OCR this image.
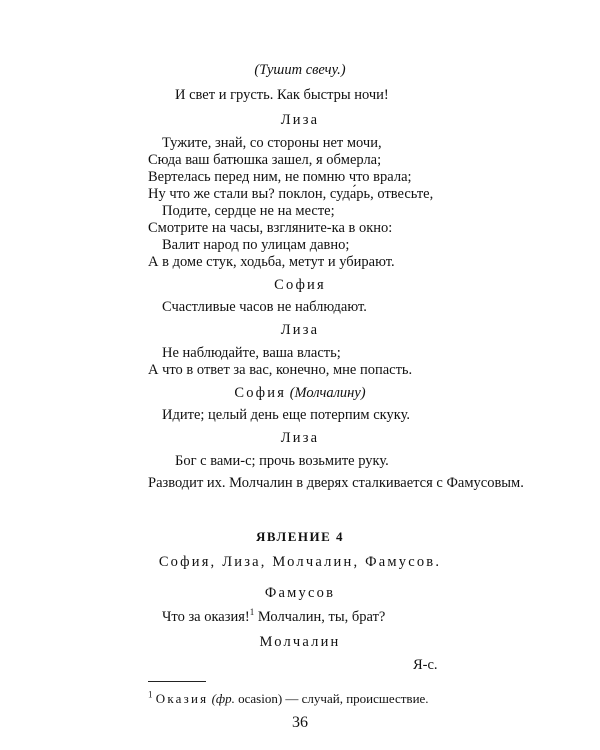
(Тушит свечу.)
И свет и грусть. Как быстры ночи!
Лиза
Тужите, знай, со стороны нет мочи,
Сюда ваш батюшка зашел, я обмерла;
Вертелась перед ним, не помню что врала;
Ну что же стали вы? поклон, суда́рь, отвесьте,
Подите, сердце не на месте;
Смотрите на часы, взгляните-ка в окно:
Валит народ по улицам давно;
А в доме стук, ходьба, метут и убирают.
София
Счастливые часов не наблюдают.
Лиза
Не наблюдайте, ваша власть;
А что в ответ за вас, конечно, мне попасть.
София (Молчалину)
Идите; целый день еще потерпим скуку.
Лиза
Бог с вами-с; прочь возьмите руку.
Разводит их. Молчалин в дверях сталкивается с Фамусовым.
ЯВЛЕНИЕ 4
София, Лиза, Молчалин, Фамусов.
Фамусов
Что за оказия!$^1$ Молчалин, ты, брат?
Молчалин
Я-с.
$^1$ Оказия (фр. ocasion) — случай, происшествие.
36
